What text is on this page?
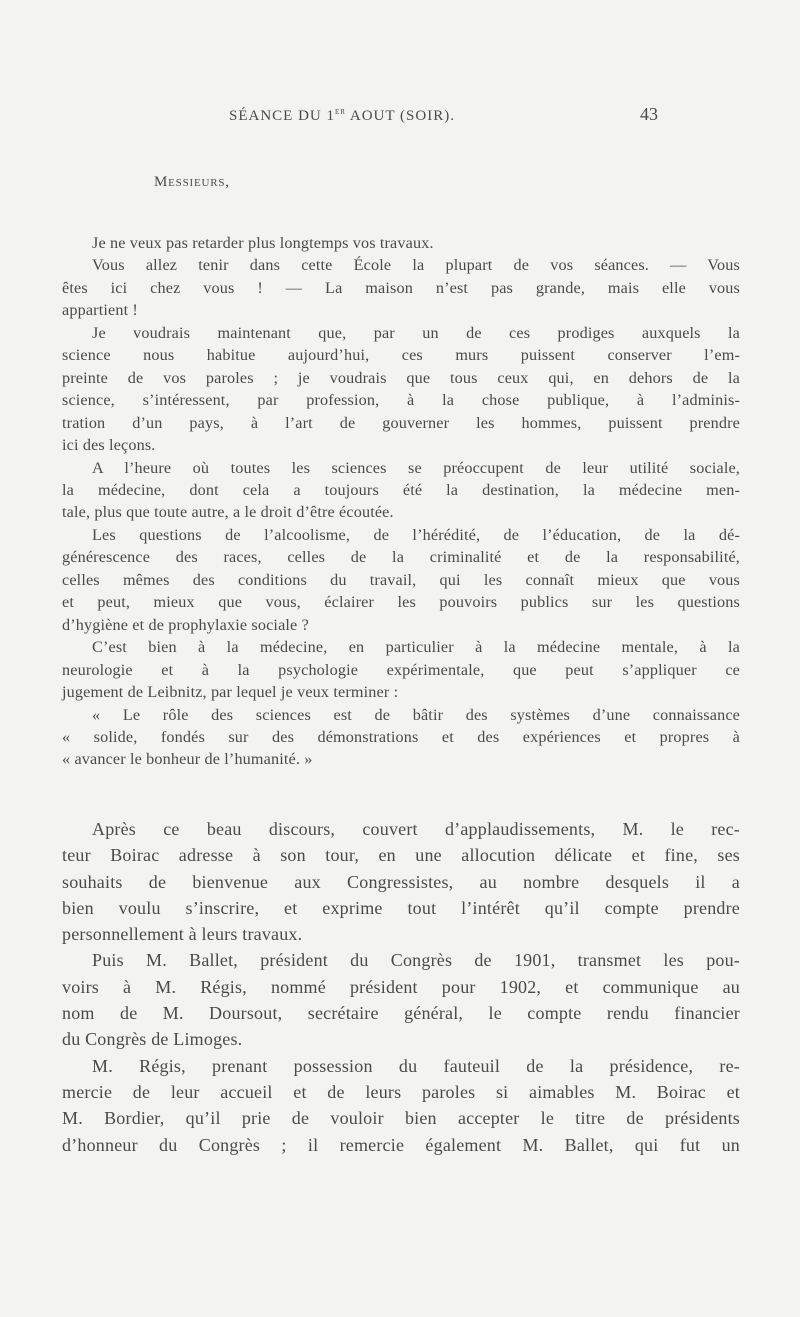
SÉANCE DU 1er AOUT (SOIR).	43
Messieurs,
Je ne veux pas retarder plus longtemps vos travaux.
Vous allez tenir dans cette École la plupart de vos séances. — Vous
êtes ici chez vous ! — La maison n’est pas grande, mais elle vous
appartient !
Je voudrais maintenant que, par un de ces prodiges auxquels la
science nous habitue aujourd’hui, ces murs puissent conserver l’em-
preinte de vos paroles ; je voudrais que tous ceux qui, en dehors de la
science, s’intéressent, par profession, à la chose publique, à l’adminis-
tration d’un pays, à l’art de gouverner les hommes, puissent prendre
ici des leçons.
A l’heure où toutes les sciences se préoccupent de leur utilité sociale,
la médecine, dont cela a toujours été la destination, la médecine men-
tale, plus que toute autre, a le droit d’être écoutée.
Les questions de l’alcoolisme, de l’hérédité, de l’éducation, de la dé-
générescence des races, celles de la criminalité et de la responsabilité,
celles mêmes des conditions du travail, qui les connaît mieux que vous
et peut, mieux que vous, éclairer les pouvoirs publics sur les questions
d’hygiène et de prophylaxie sociale ?
C’est bien à la médecine, en particulier à la médecine mentale, à la
neurologie et à la psychologie expérimentale, que peut s’appliquer ce
jugement de Leibnitz, par lequel je veux terminer :
« Le rôle des sciences est de bâtir des systèmes d’une connaissance
« solide, fondés sur des démonstrations et des expériences et propres à
« avancer le bonheur de l’humanité. »
Après ce beau discours, couvert d’applaudissements, M. le rec-
teur Boirac adresse à son tour, en une allocution délicate et fine, ses
souhaits de bienvenue aux Congressistes, au nombre desquels il a
bien voulu s’inscrire, et exprime tout l’intérêt qu’il compte prendre
personnellement à leurs travaux.
Puis M. Ballet, président du Congrès de 1901, transmet les pou-
voirs à M. Régis, nommé président pour 1902, et communique au
nom de M. Doursout, secrétaire général, le compte rendu financier
du Congrès de Limoges.
M. Régis, prenant possession du fauteuil de la présidence, re-
mercie de leur accueil et de leurs paroles si aimables M. Boirac et
M. Bordier, qu’il prie de vouloir bien accepter le titre de présidents
d’honneur du Congrès ; il remercie également M. Ballet, qui fut un
